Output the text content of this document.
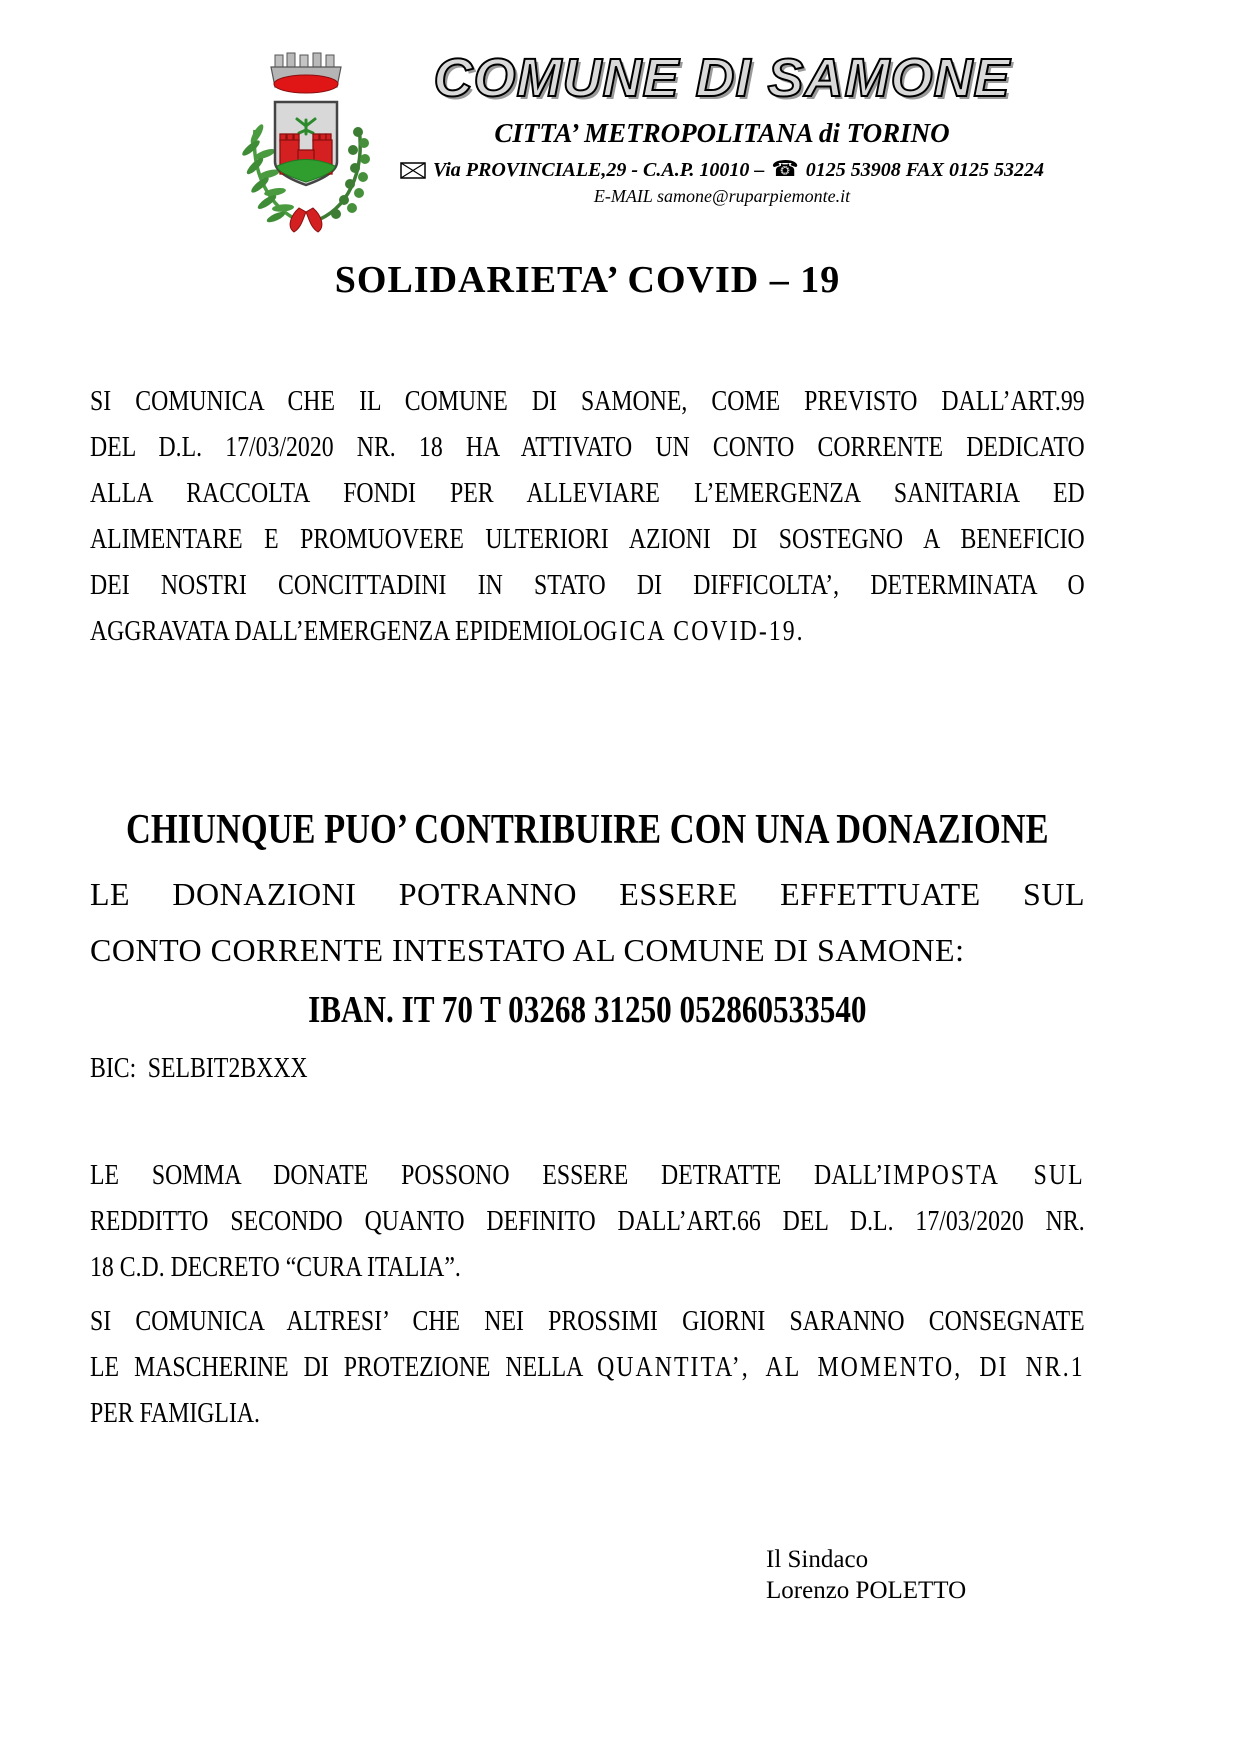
COMUNE DI SAMONE
CITTA’ METROPOLITANA di TORINO
Via PROVINCIALE,29 - C.A.P. 10010 – ☎ 0125 53908 FAX 0125 53224
E-MAIL samone@ruparpiemonte.it
SOLIDARIETA’ COVID – 19
SI COMUNICA CHE IL COMUNE DI SAMONE, COME PREVISTO DALL’ART.99
DEL D.L. 17/03/2020 NR. 18 HA ATTIVATO UN CONTO CORRENTE DEDICATO
ALLA RACCOLTA FONDI PER ALLEVIARE L’EMERGENZA SANITARIA ED
ALIMENTARE E PROMUOVERE ULTERIORI AZIONI DI SOSTEGNO A BENEFICIO
DEI NOSTRI CONCITTADINI IN STATO DI DIFFICOLTA’, DETERMINATA O
AGGRAVATA DALL’EMERGENZA EPIDEMIOLOGICA COVID-19.
CHIUNQUE PUO’ CONTRIBUIRE CON UNA DONAZIONE
LE DONAZIONI POTRANNO ESSERE EFFETTUATE SUL
CONTO CORRENTE INTESTATO AL COMUNE DI SAMONE:
IBAN. IT 70 T 03268 31250 052860533540
BIC: SELBIT2BXXX
LE SOMMA DONATE POSSONO ESSERE DETRATTE DALL’IMPOSTA SUL
REDDITTO SECONDO QUANTO DEFINITO DALL’ART.66 DEL D.L. 17/03/2020 NR.
18 C.D. DECRETO “CURA ITALIA”.
SI COMUNICA ALTRESI’ CHE NEI PROSSIMI GIORNI SARANNO CONSEGNATE
LE MASCHERINE DI PROTEZIONE NELLA QUANTITA’, AL MOMENTO, DI NR.1
PER FAMIGLIA.
Il Sindaco
Lorenzo POLETTO
